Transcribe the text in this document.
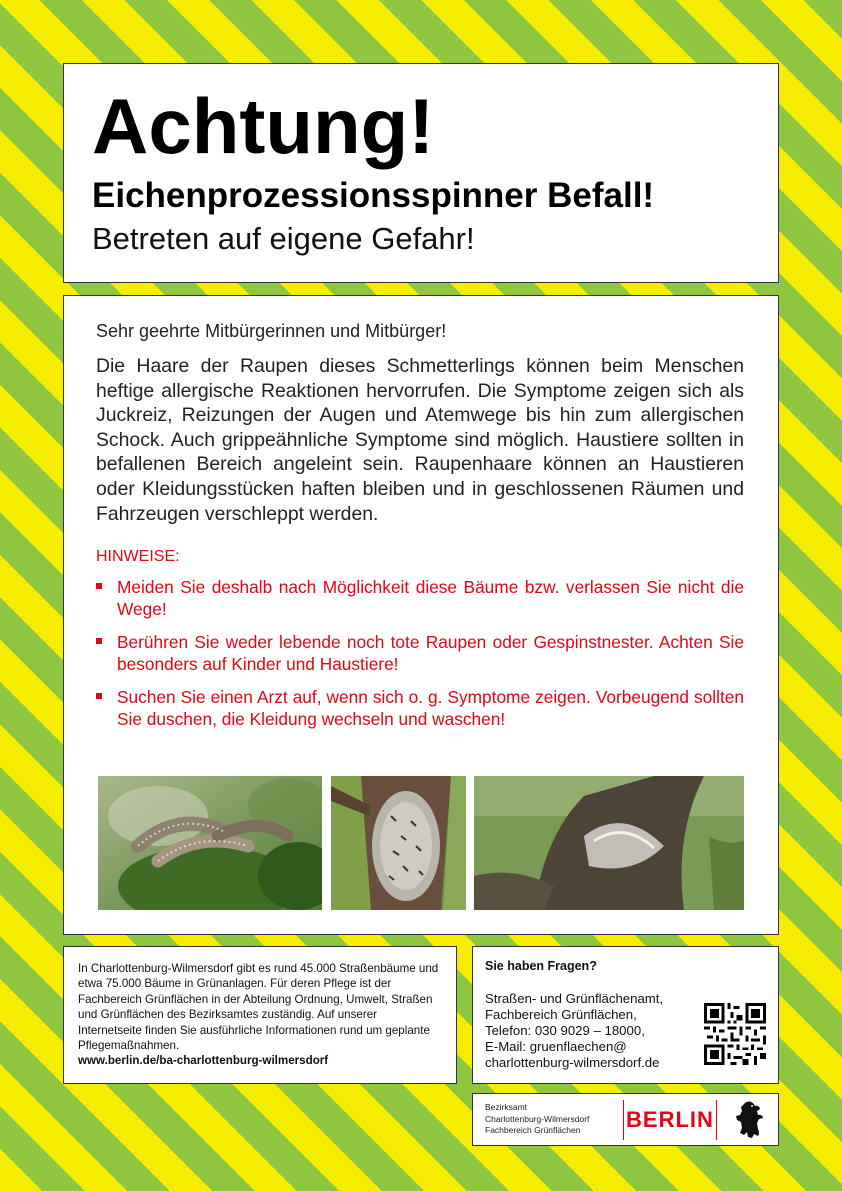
Achtung!
Eichenprozessionsspinner Befall!
Betreten auf eigene Gefahr!

Sehr geehrte Mitbürgerinnen und Mitbürger!

Die Haare der Raupen dieses Schmetterlings können beim Menschen heftige allergische Reaktionen hervorrufen. Die Symptome zeigen sich als Juckreiz, Reizungen der Augen und Atemwege bis hin zum allergischen Schock. Auch grippeähnliche Symptome sind möglich. Haustiere sollten in befallenen Bereich angeleint sein. Raupenhaare können an Haustieren oder Kleidungsstücken haften bleiben und in geschlossenen Räumen und Fahrzeugen verschleppt werden.

HINWEISE:
Meiden Sie deshalb nach Möglichkeit diese Bäume bzw. verlassen Sie nicht die Wege!
Berühren Sie weder lebende noch tote Raupen oder Gespinstnester. Achten Sie besonders auf Kinder und Haustiere!
Suchen Sie einen Arzt auf, wenn sich o. g. Symptome zeigen. Vorbeugend sollten Sie duschen, die Kleidung wechseln und waschen!
In Charlottenburg-Wilmersdorf gibt es rund 45.000 Straßenbäume und etwa 75.000 Bäume in Grünanlagen. Für deren Pflege ist der Fachbereich Grünflächen in der Abteilung Ordnung, Umwelt, Straßen und Grünflächen des Bezirksamtes zuständig. Auf unserer Internetseite finden Sie ausführliche Informationen rund um geplante Pflegemaßnahmen.
www.berlin.de/ba-charlottenburg-wilmersdorf
Sie haben Fragen?
Straßen- und Grünflächenamt,
Fachbereich Grünflächen,
Telefon: 030 9029 – 18000,
E-Mail: gruenflaechen@
charlottenburg-wilmersdorf.de
Bezirksamt
Charlottenburg-Wilmersdorf
Fachbereich Grünflächen	BERLIN
